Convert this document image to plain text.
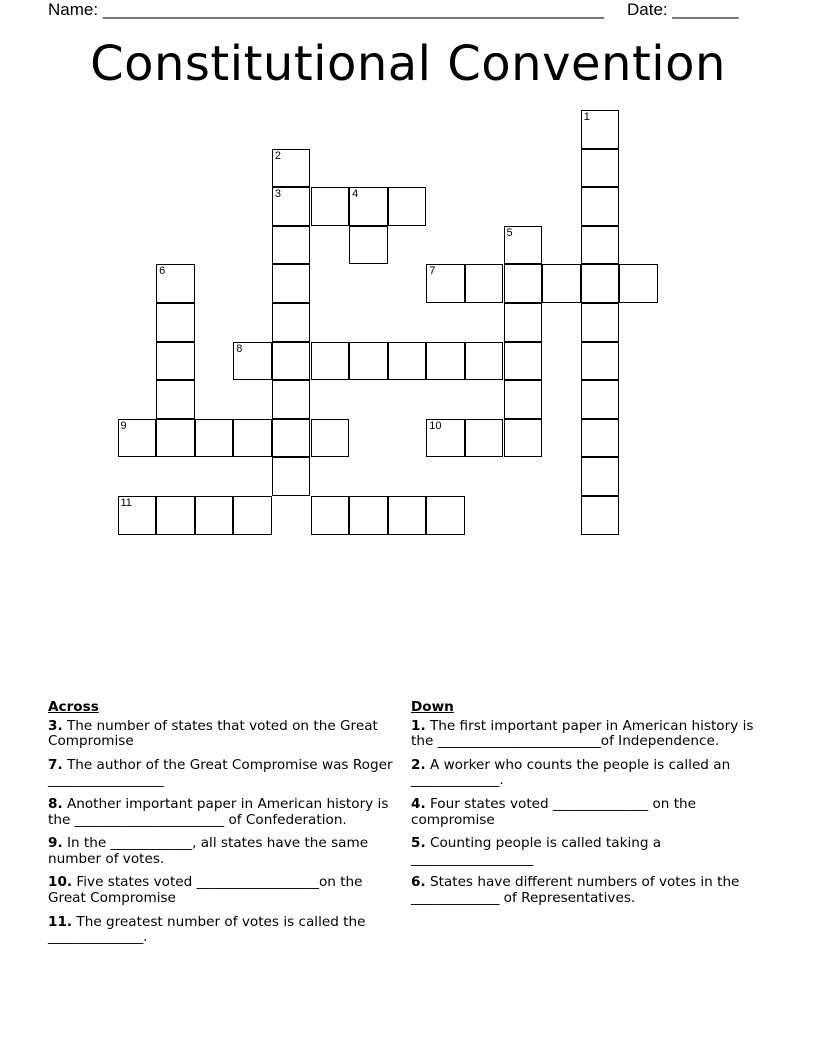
Name: _____________________________________________________ Date: _______
Constitutional Convention
1
2
3	4
5
6	7
8
9	10
11
Across
3. The number of states that voted on the Great Compromise
7. The author of the Great Compromise was Roger _________________
8. Another important paper in American history is the ______________________ of Confederation.
9. In the ____________, all states have the same number of votes.
10. Five states voted __________________on the Great Compromise
11. The greatest number of votes is called the ______________.
Down
1. The first important paper in American history is the ________________________of Independence.
2. A worker who counts the people is called an _____________.
4. Four states voted ______________ on the compromise
5. Counting people is called taking a __________________
6. States have different numbers of votes in the _____________ of Representatives.
